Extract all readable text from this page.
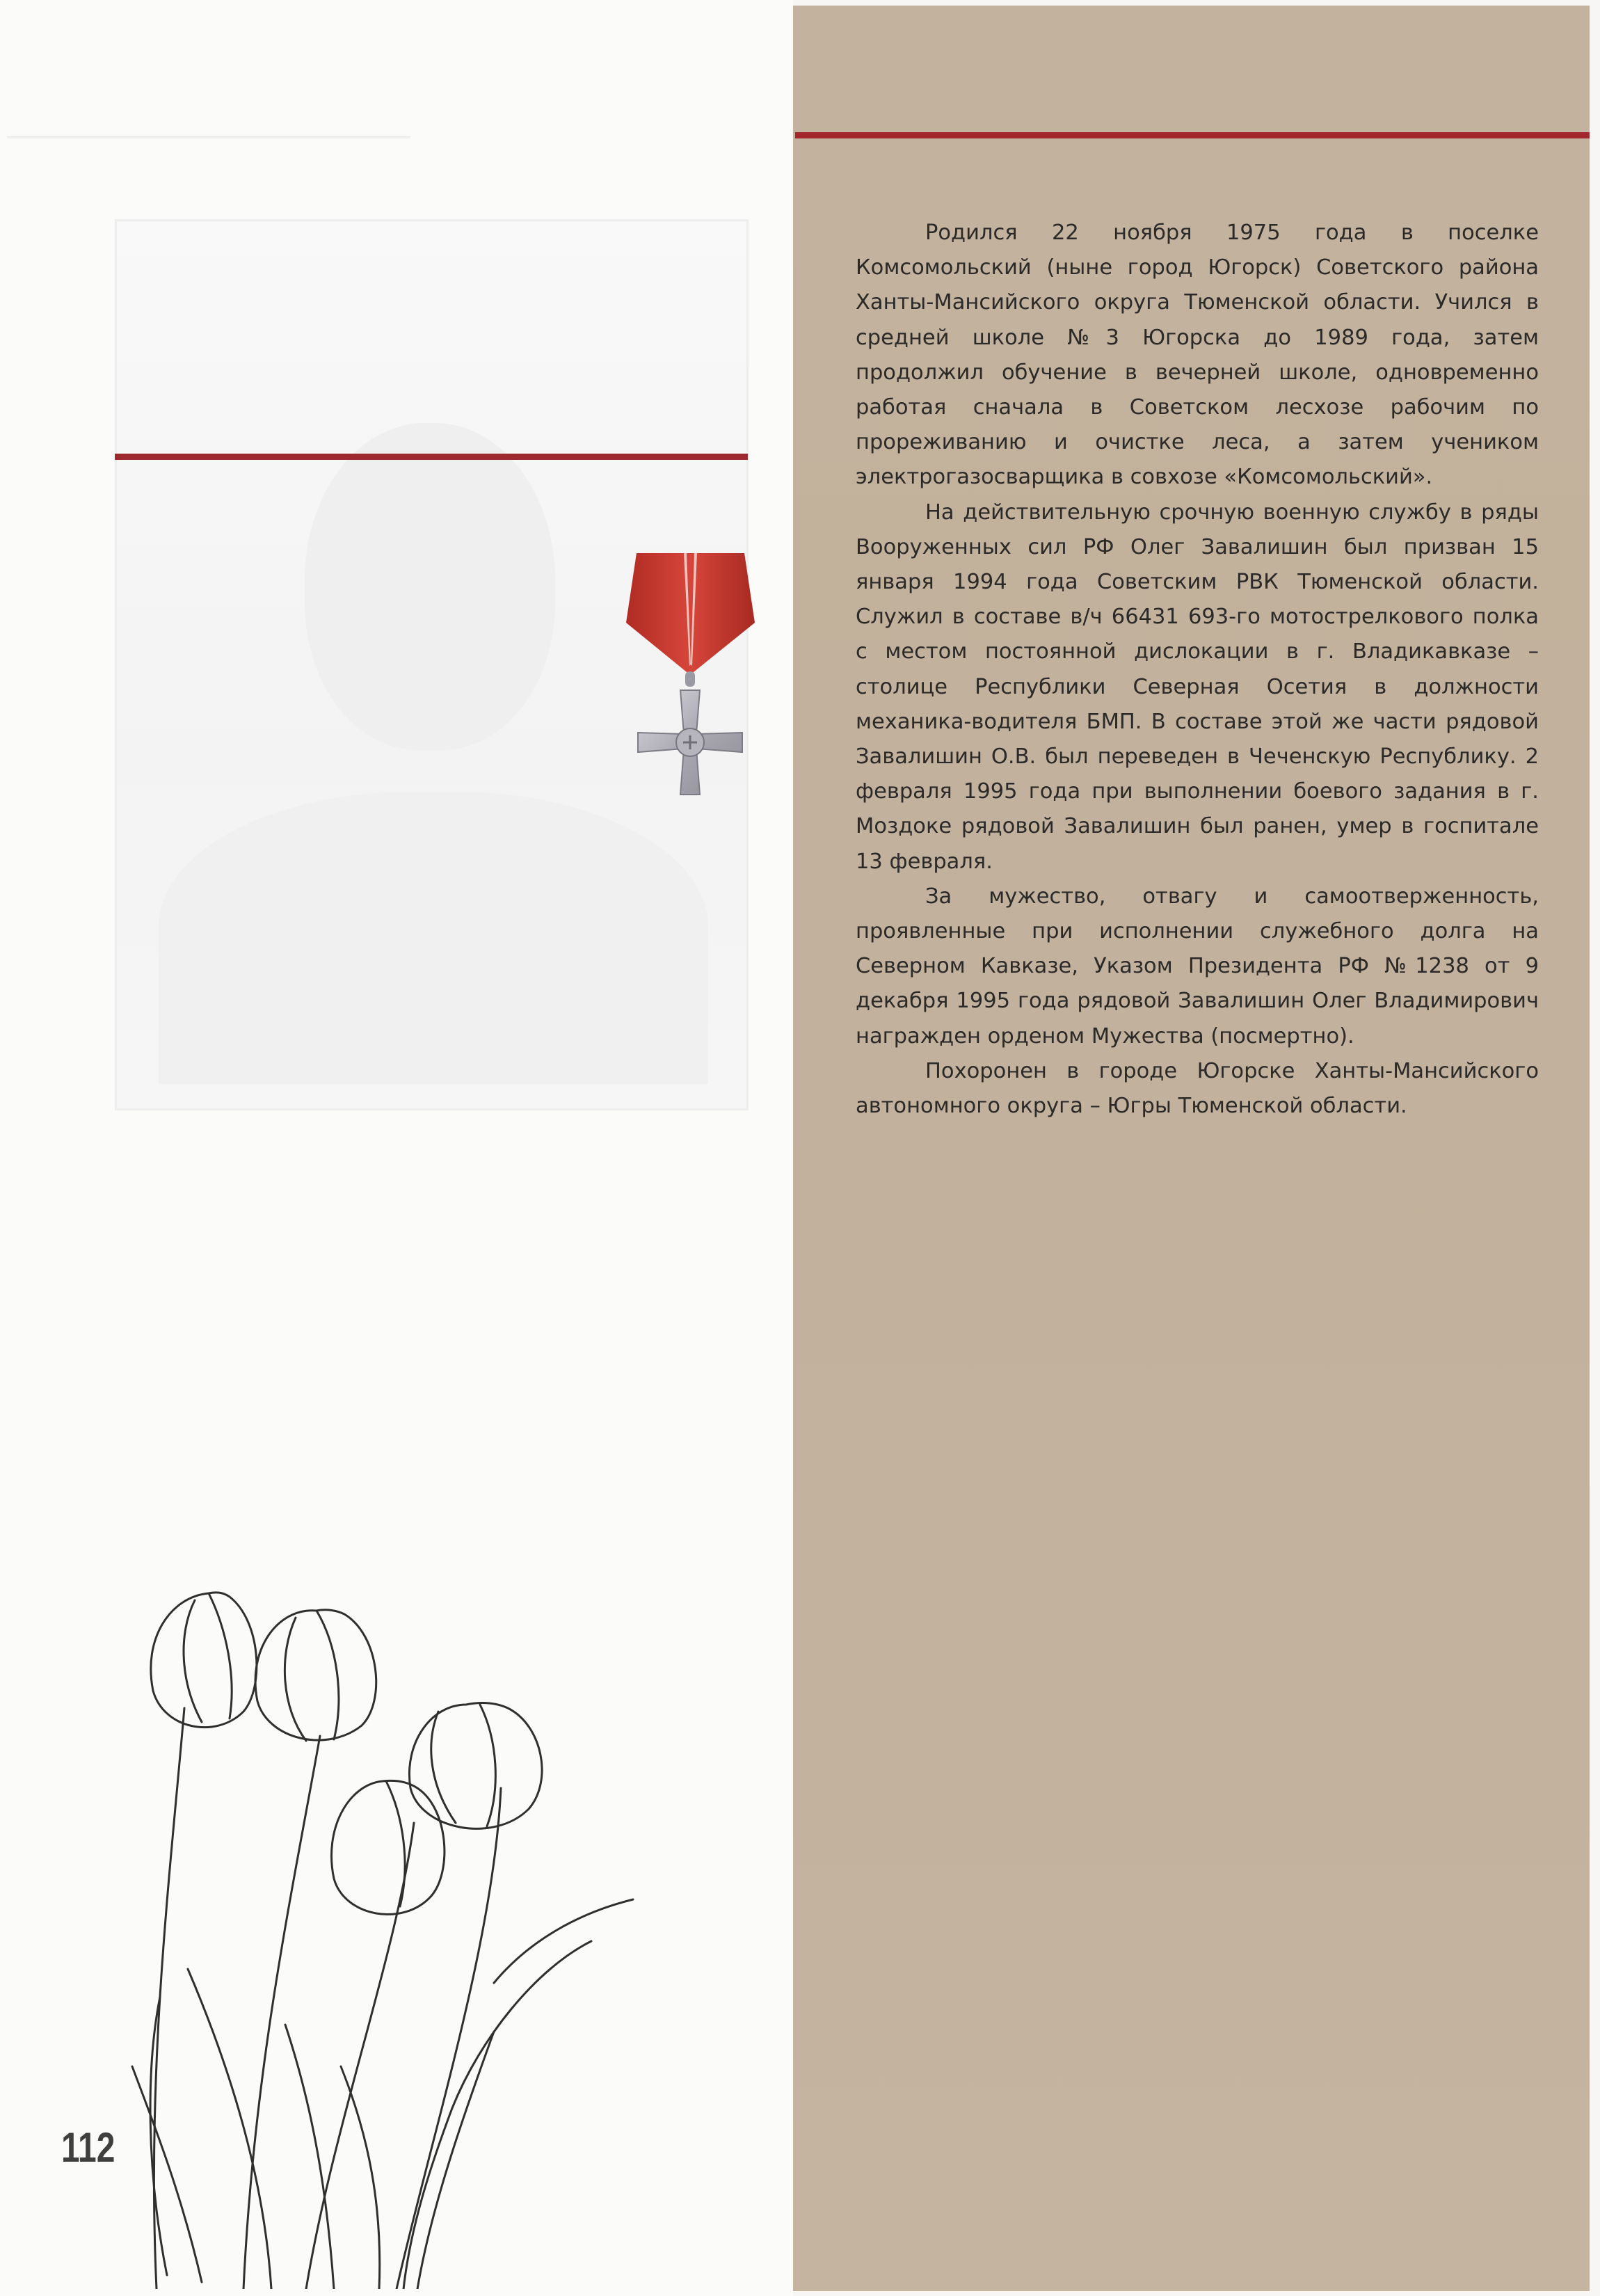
112

Родился 22 ноября 1975 года в поселке Комсомольский (ныне город Югорск) Советского района Ханты-Мансийского округа Тюменской области. Учился в средней школе №3 Югорска до 1989 года, затем продолжил обучение в вечерней школе, одновременно работая сначала в Советском лесхозе рабочим по прореживанию и очистке леса, а затем учеником электрогазосварщика в совхозе «Комсомольский».

На действительную срочную военную службу в ряды Вооруженных сил РФ Олег Завалишин был призван 15 января 1994 года Советским РВК Тюменской области. Служил в составе в/ч 66431 693-го мотострелкового полка с местом постоянной дислокации в г. Владикавказе – столице Республики Северная Осетия в должности механика-водителя БМП. В составе этой же части рядовой Завалишин О.В. был переведен в Чеченскую Республику. 2 февраля 1995 года при выполнении боевого задания в г. Моздоке рядовой Завалишин был ранен, умер в госпитале 13 февраля.

За мужество, отвагу и самоотверженность, проявленные при исполнении служебного долга на Северном Кавказе, Указом Президента РФ №1238 от 9 декабря 1995 года рядовой Завалишин Олег Владимирович награжден орденом Мужества (посмертно).

Похоронен в городе Югорске Ханты-Мансийского автономного округа – Югры Тюменской области.
